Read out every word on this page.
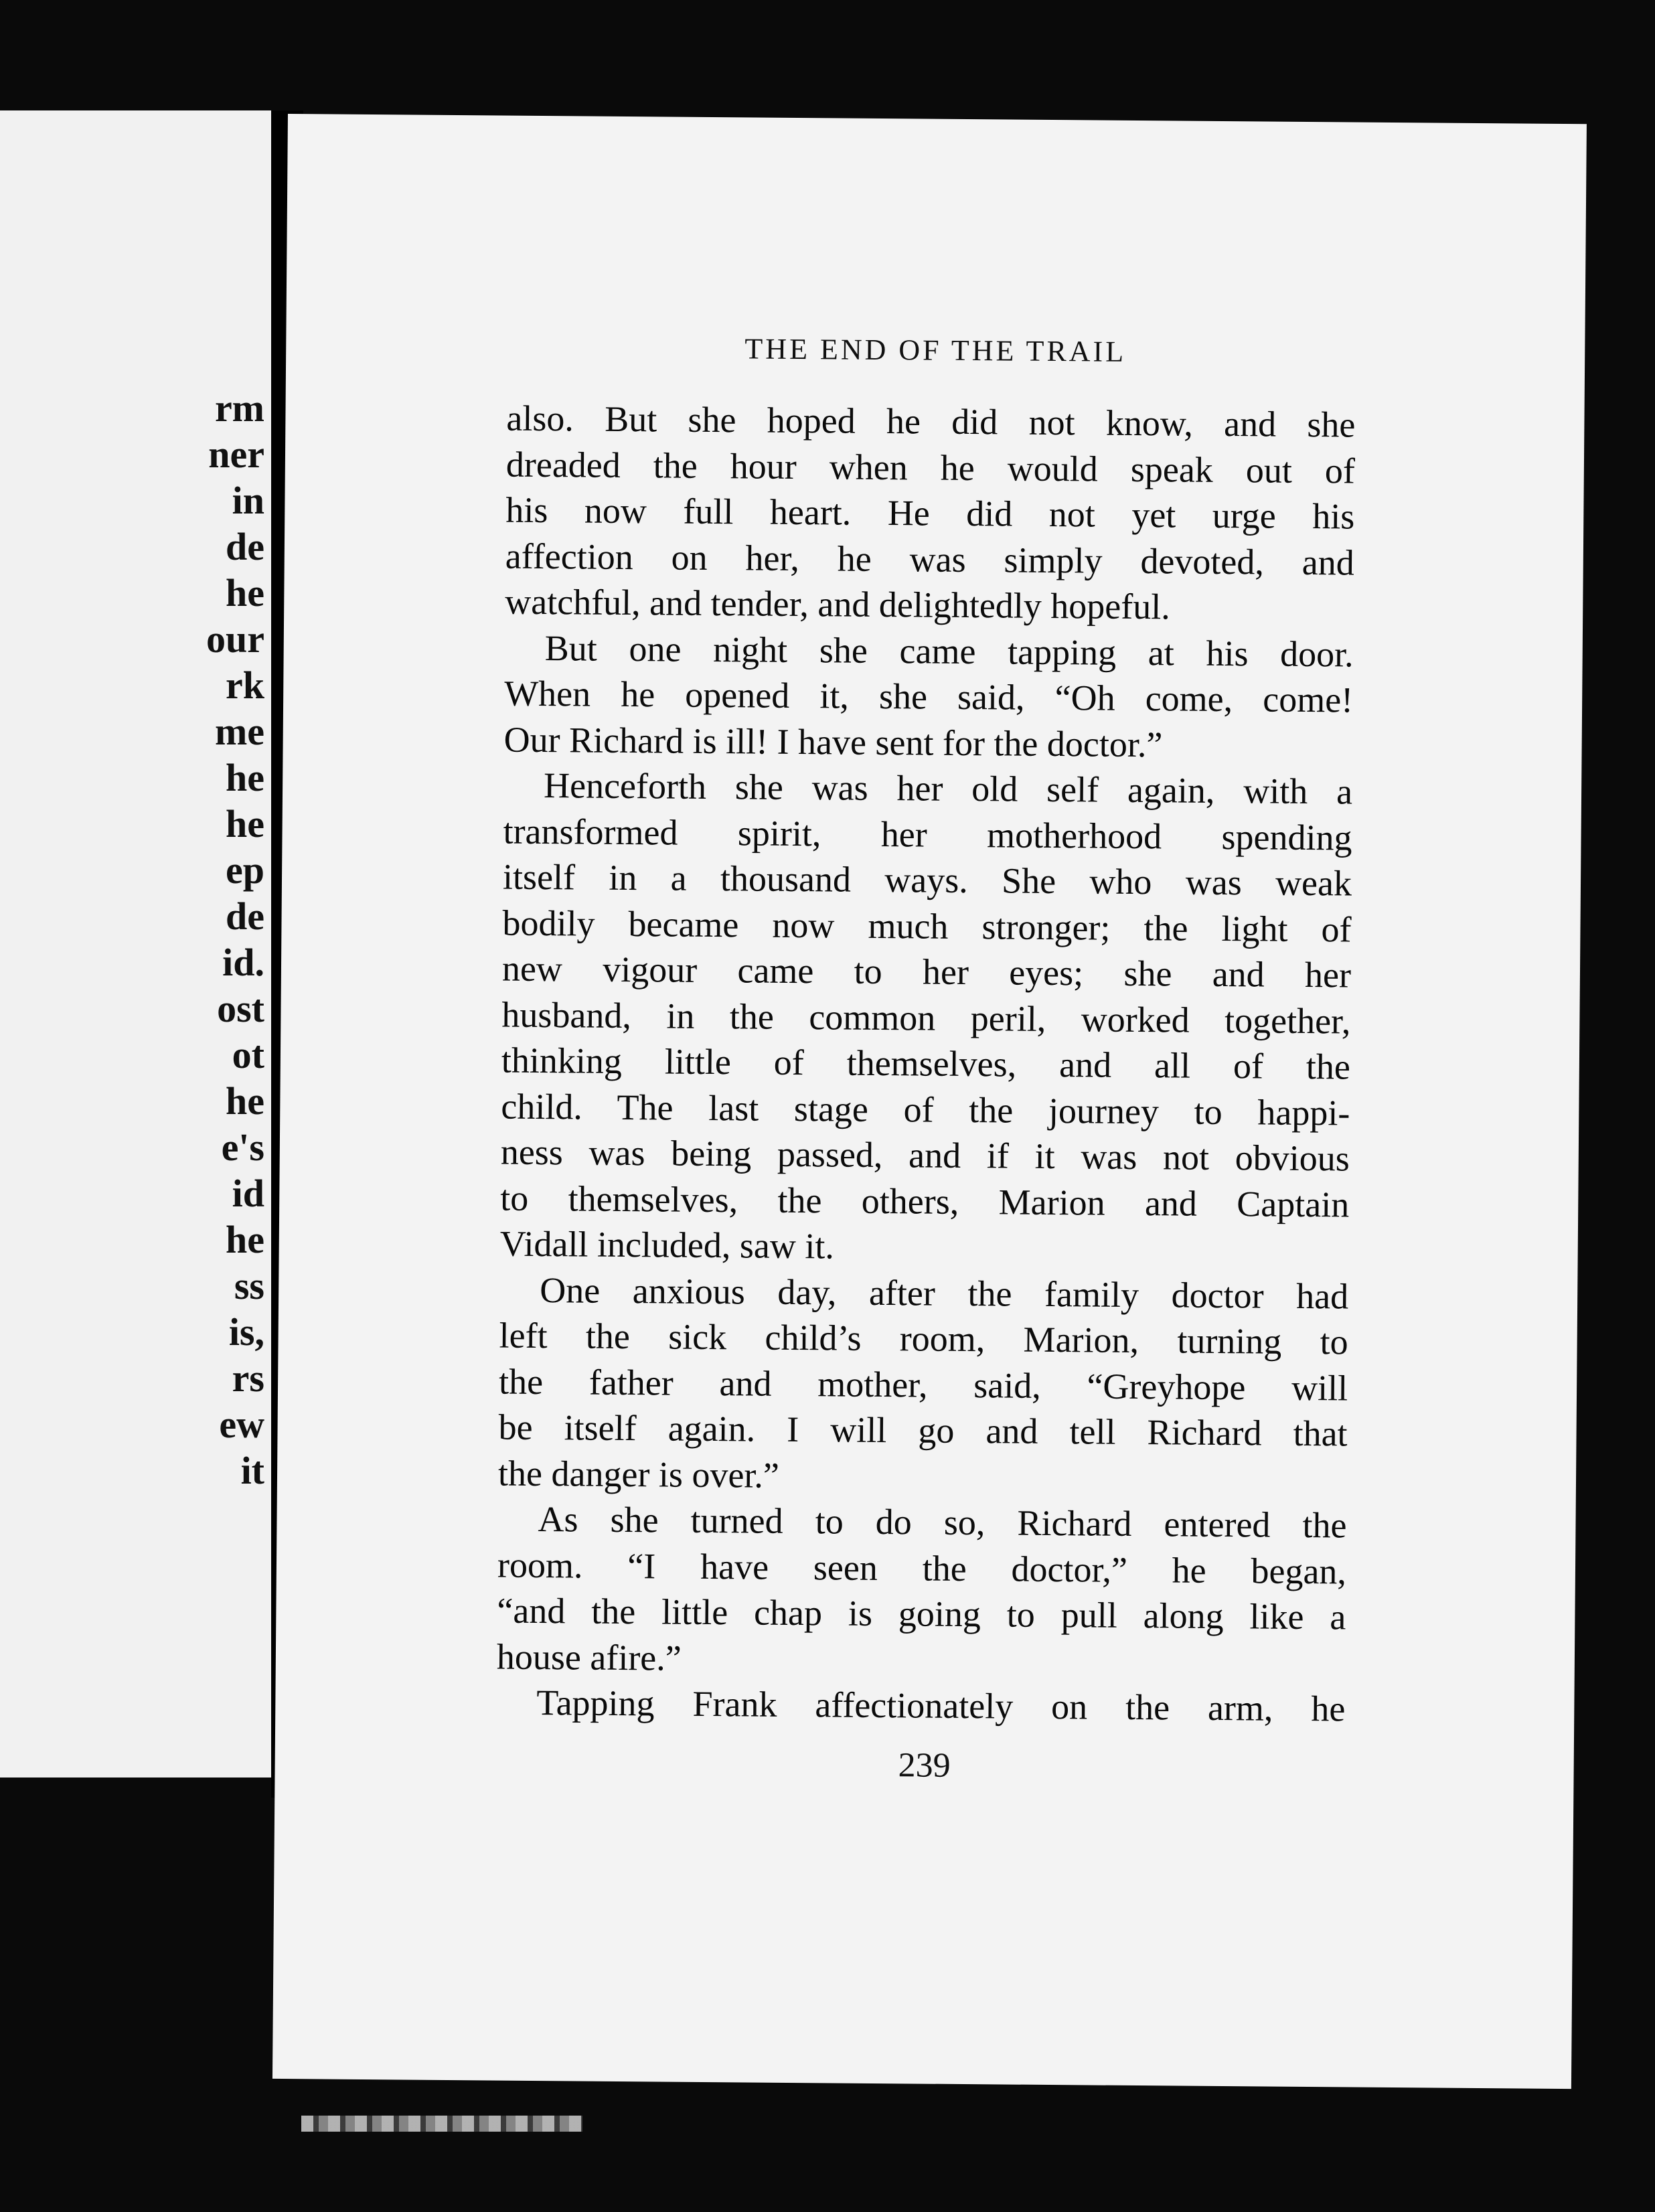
rm
ner
in
de
he
our
rk
me
he
he
ep
de
id.
ost
ot
he
e's
id
he
ss
is,
rs
ew
it
THE END OF THE TRAIL
also. But she hoped he did not know, and she
dreaded the hour when he would speak out of
his now full heart. He did not yet urge his
affection on her, he was simply devoted, and
watchful, and tender, and delightedly hopeful.
But one night she came tapping at his door.
When he opened it, she said, “Oh come, come!
Our Richard is ill! I have sent for the doctor.”
Henceforth she was her old self again, with a
transformed spirit, her motherhood spending
itself in a thousand ways. She who was weak
bodily became now much stronger; the light of
new vigour came to her eyes; she and her
husband, in the common peril, worked together,
thinking little of themselves, and all of the
child. The last stage of the journey to happi-
ness was being passed, and if it was not obvious
to themselves, the others, Marion and Captain
Vidall included, saw it.
One anxious day, after the family doctor had
left the sick child’s room, Marion, turning to
the father and mother, said, “Greyhope will
be itself again. I will go and tell Richard that
the danger is over.”
As she turned to do so, Richard entered the
room. “I have seen the doctor,” he began,
“and the little chap is going to pull along like a
house afire.”
Tapping Frank affectionately on the arm, he
239
